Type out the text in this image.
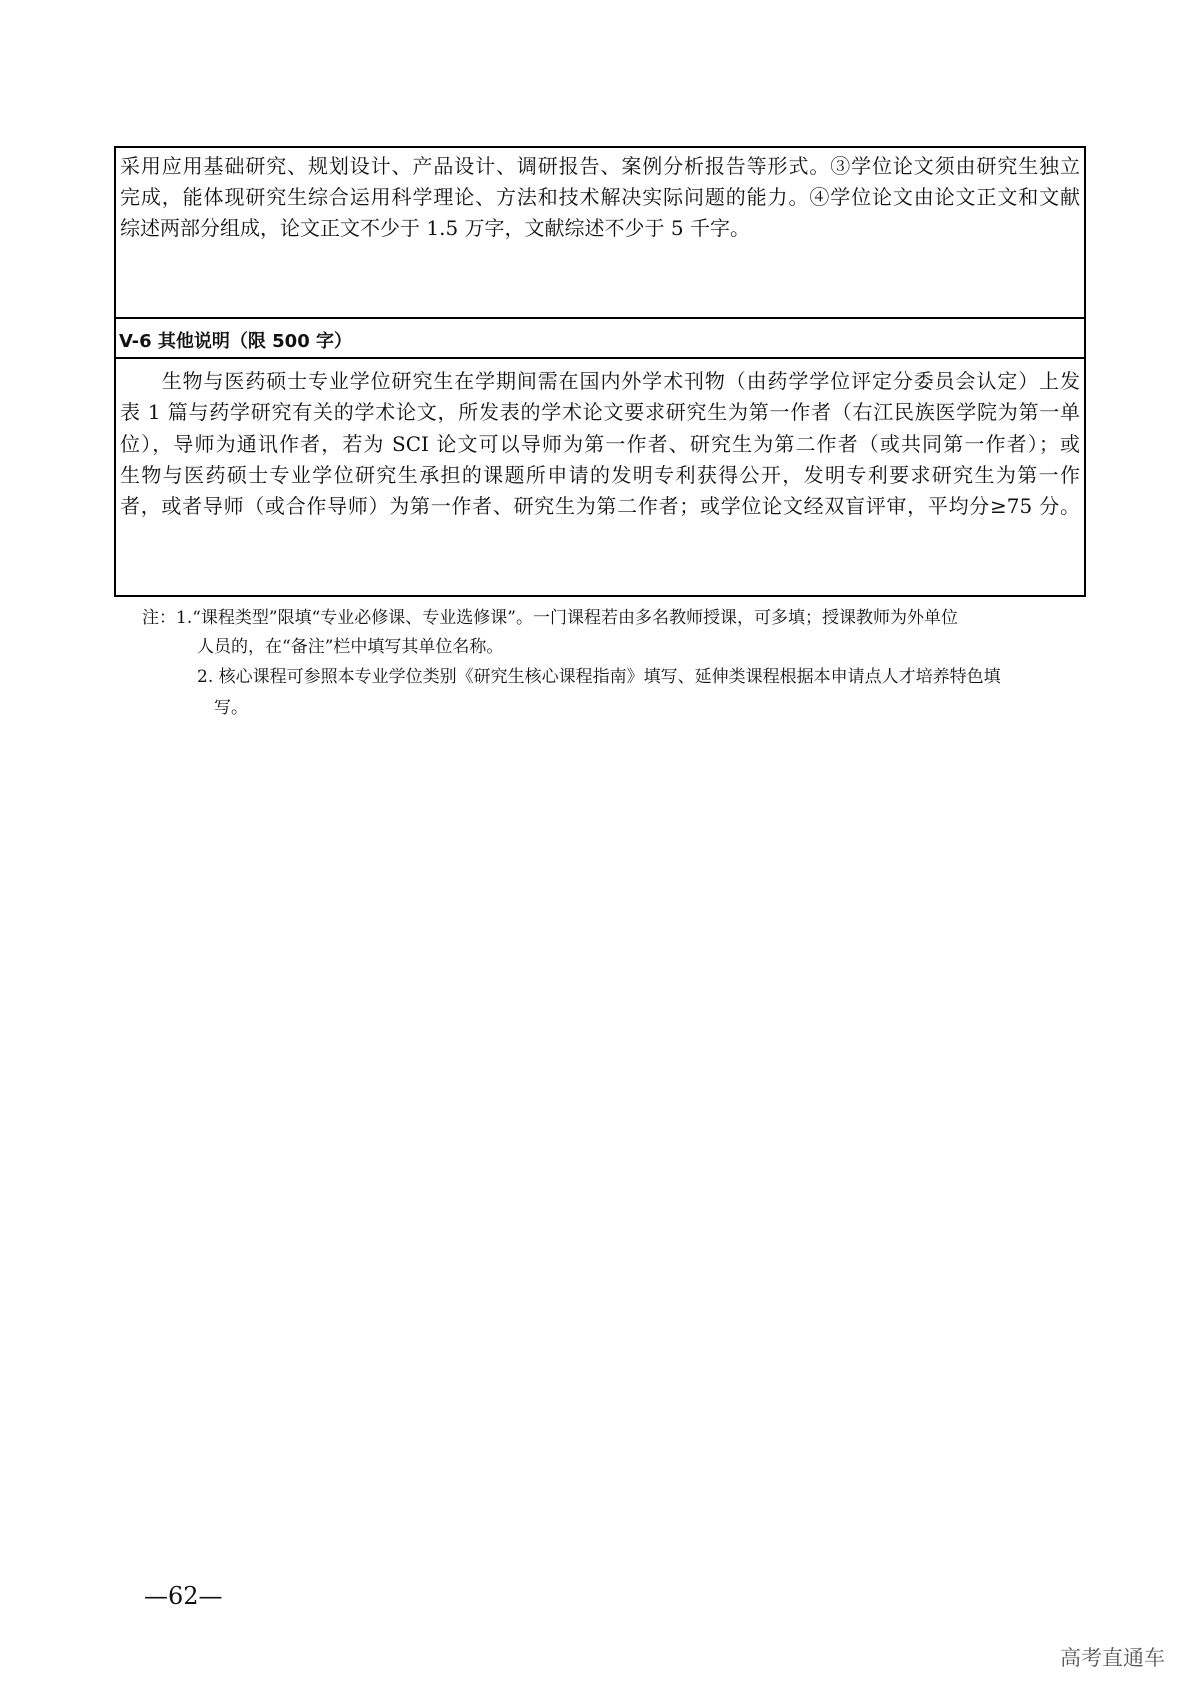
采用应用基础研究、规划设计、产品设计、调研报告、案例分析报告等形式。③学位论文须由研究生独立
完成，能体现研究生综合运用科学理论、方法和技术解决实际问题的能力。④学位论文由论文正文和文献
综述两部分组成，论文正文不少于 1.5 万字，文献综述不少于 5 千字。
V-6 其他说明（限 500 字）
　　生物与医药硕士专业学位研究生在学期间需在国内外学术刊物（由药学学位评定分委员会认定）上发
表 1 篇与药学研究有关的学术论文，所发表的学术论文要求研究生为第一作者（右江民族医学院为第一单
位），导师为通讯作者，若为 SCI 论文可以导师为第一作者、研究生为第二作者（或共同第一作者）；或
生物与医药硕士专业学位研究生承担的课题所申请的发明专利获得公开，发明专利要求研究生为第一作
者，或者导师（或合作导师）为第一作者、研究生为第二作者；或学位论文经双盲评审，平均分≥75 分。
注：1.“课程类型”限填“专业必修课、专业选修课”。一门课程若由多名教师授课，可多填；授课教师为外单位
人员的，在“备注”栏中填写其单位名称。
2. 核心课程可参照本专业学位类别《研究生核心课程指南》填写、延伸类课程根据本申请点人才培养特色填
写。
—62—
高考直通车
